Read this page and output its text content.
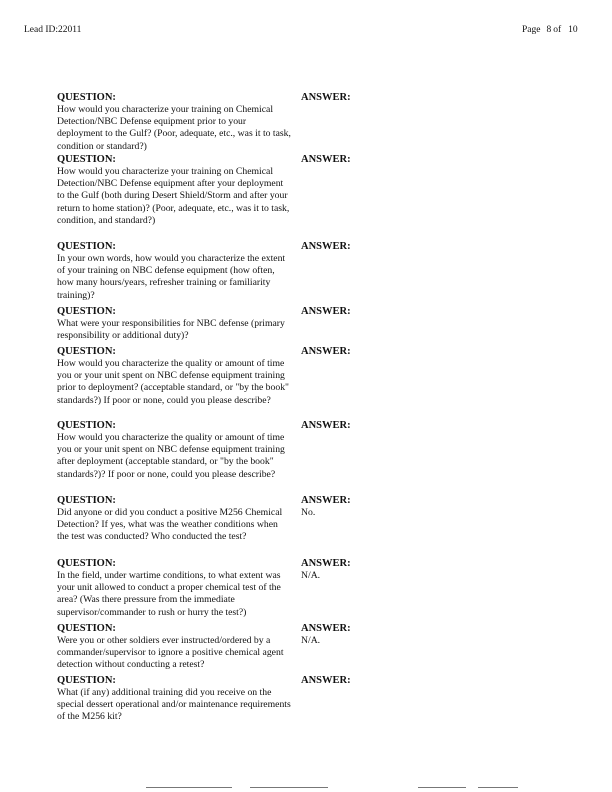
Lead ID:22011	Page 8 of 10
QUESTION:
How would you characterize your training on Chemical Detection/NBC Defense equipment prior to your deployment to the Gulf? (Poor, adequate, etc., was it to task, condition or standard?)
ANSWER:
QUESTION:
How would you characterize your training on Chemical Detection/NBC Defense equipment after your deployment to the Gulf (both during Desert Shield/Storm and after your return to home station)? (Poor, adequate, etc., was it to task, condition, and standard?)
ANSWER:
QUESTION:
In your own words, how would you characterize the extent of your training on NBC defense equipment (how often, how many hours/years, refresher training or familiarity training)?
ANSWER:
QUESTION:
What were your responsibilities for NBC defense (primary responsibility or additional duty)?
ANSWER:
QUESTION:
How would you characterize the quality or amount of time you or your unit spent on NBC defense equipment training prior to deployment? (acceptable standard, or "by the book" standards?) If poor or none, could you please describe?
ANSWER:
QUESTION:
How would you characterize the quality or amount of time you or your unit spent on NBC defense equipment training after deployment (acceptable standard, or "by the book" standards?)? If poor or none, could you please describe?
ANSWER:
QUESTION:
Did anyone or did you conduct a positive M256 Chemical Detection? If yes, what was the weather conditions when the test was conducted? Who conducted the test?
ANSWER:
No.
QUESTION:
In the field, under wartime conditions, to what extent was your unit allowed to conduct a proper chemical test of the area? (Was there pressure from the immediate supervisor/commander to rush or hurry the test?)
ANSWER:
N/A.
QUESTION:
Were you or other soldiers ever instructed/ordered by a commander/supervisor to ignore a positive chemical agent detection without conducting a retest?
ANSWER:
N/A.
QUESTION:
What (if any) additional training did you receive on the special dessert operational and/or maintenance requirements of the M256 kit?
ANSWER:
